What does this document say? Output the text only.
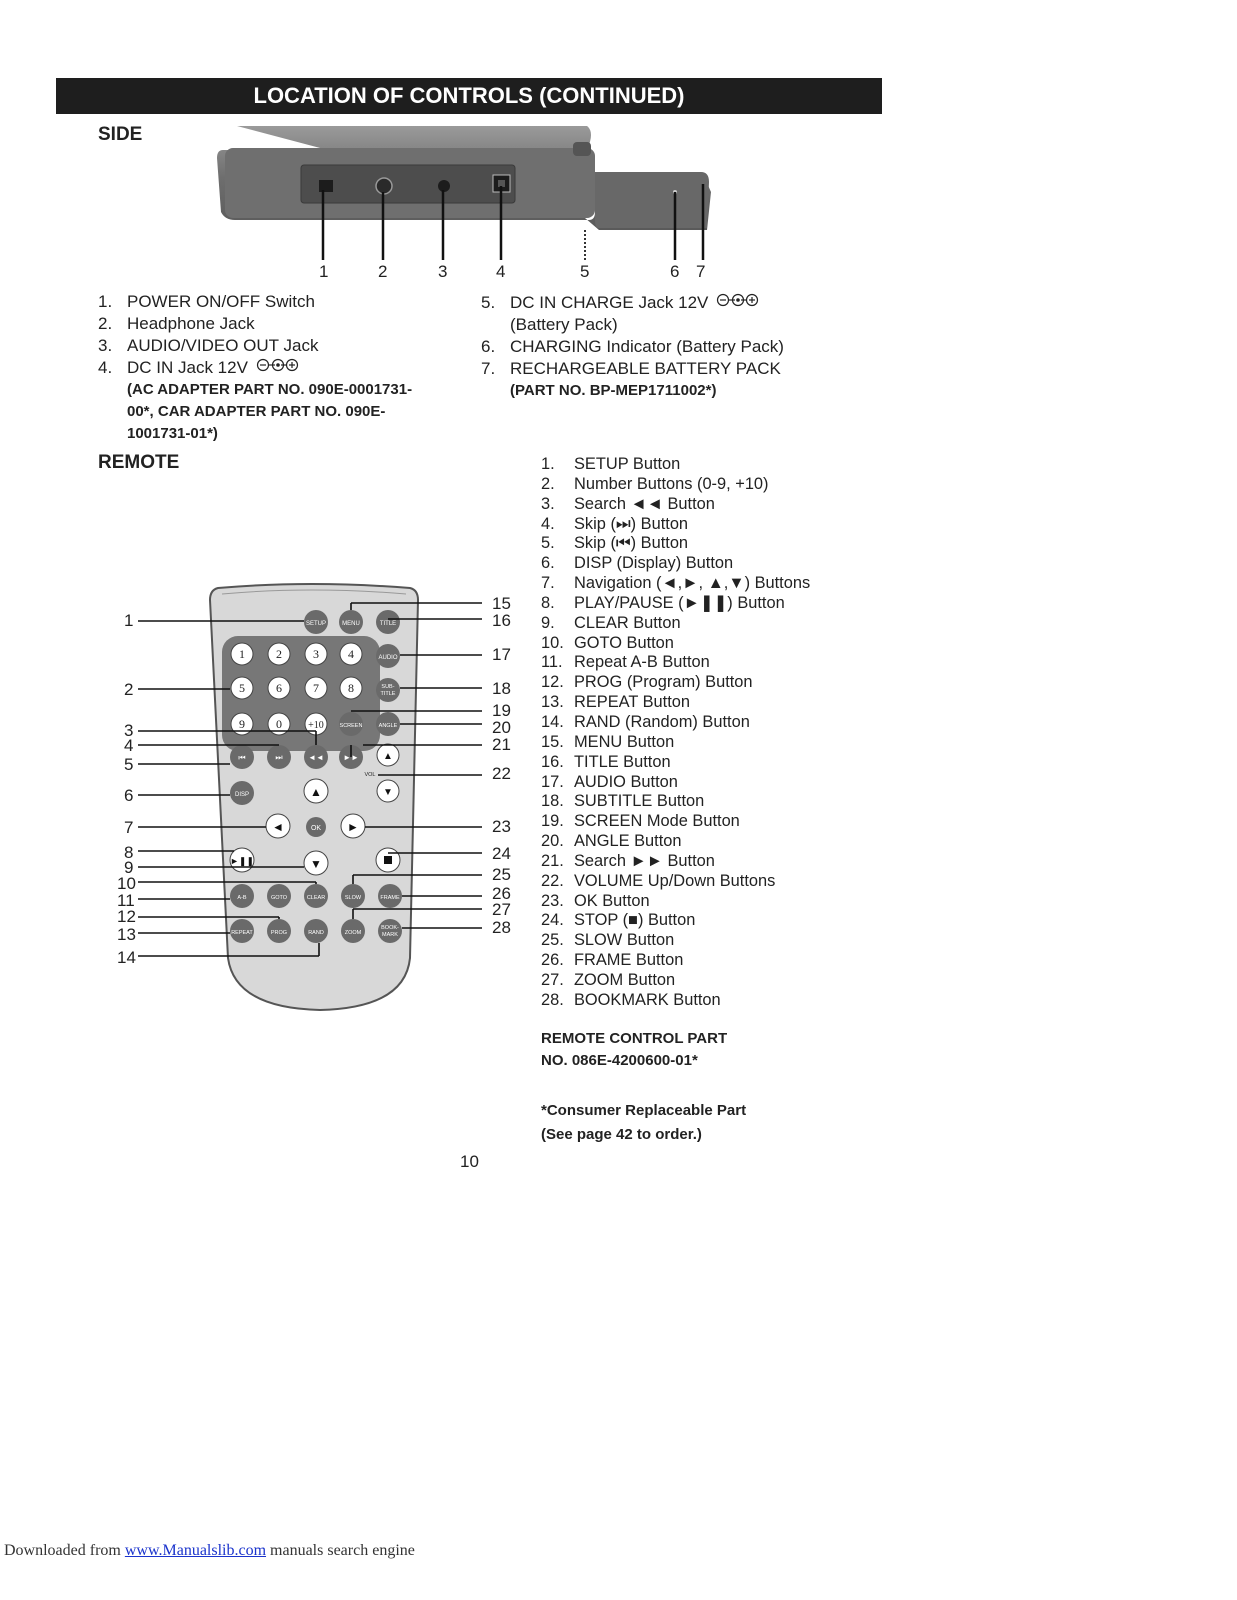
LOCATION OF CONTROLS (CONTINUED)
SIDE
1	2	3	4	5	6 7
1. POWER ON/OFF Switch
2. Headphone Jack
3. AUDIO/VIDEO OUT Jack
4. DC IN Jack 12V
(AC ADAPTER PART NO. 090E-0001731-
00*, CAR ADAPTER PART NO. 090E-
1001731-01*)
5. DC IN CHARGE Jack 12V
(Battery Pack)
6. CHARGING Indicator (Battery Pack)
7. RECHARGEABLE BATTERY PACK
(PART NO. BP-MEP1711002*)
REMOTE
SETUP	MENU	TITLE
1	2	3 4
5	6	7 8
9	0	+10
AUDIO
SUB-
TITLE
SCREEN	ANGLE
⏮	⏭	◄◄ ►► ▲
▼
VOL
DISP	▲
◄	►
▼
OK
►❚❚
A-B	GOTO	CLEAR	SLOW	FRAME
REPEAT	PROG	RAND	ZOOM
BOOK-
MARK
1
2
3
4
5
6
7
8
9
10
11
12
13
14
15
16
17
18
19
20
21
22
23
24
25
26
27
28
1.	SETUP Button
2.	Number Buttons (0-9, +10)
3.	Search ◄◄ Button
4.	Skip (⏭) Button
5.	Skip (⏮) Button
6.	DISP (Display) Button
7.	Navigation (◄,►, ▲,▼) Buttons
8.	PLAY/PAUSE (►❚❚) Button
9.	CLEAR Button
10. GOTO Button
11. Repeat A-B Button
12. PROG (Program) Button
13. REPEAT Button
14. RAND (Random) Button
15. MENU Button
16. TITLE Button
17. AUDIO Button
18. SUBTITLE Button
19. SCREEN Mode Button
20. ANGLE Button
21. Search ►► Button
22. VOLUME Up/Down Buttons
23. OK Button
24. STOP (■) Button
25. SLOW Button
26. FRAME Button
27. ZOOM Button
28. BOOKMARK Button
REMOTE CONTROL PART
NO. 086E-4200600-01*
*Consumer Replaceable Part
(See page 42 to order.)
10
Downloaded from www.Manualslib.com manuals search engine
